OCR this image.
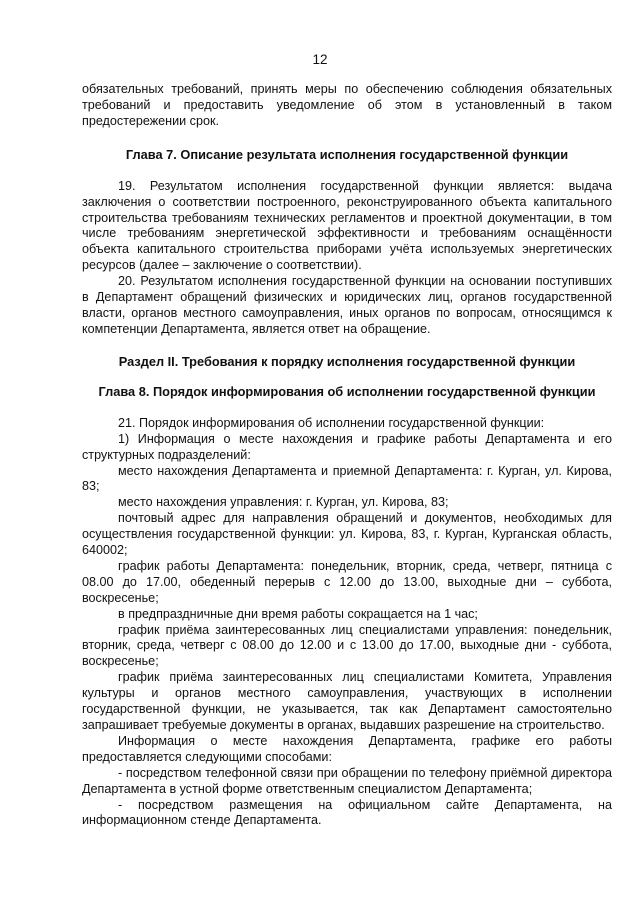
12

обязательных требований, принять меры по обеспечению соблюдения обязательных требований и предоставить уведомление об этом в установленный в таком предостережении срок.

Глава 7. Описание результата исполнения государственной функции

19. Результатом исполнения государственной функции является: выдача заключения о соответствии построенного, реконструированного объекта капитального строительства требованиям технических регламентов и проектной документации, в том числе требованиям энергетической эффективности и требованиям оснащённости объекта капитального строительства приборами учёта используемых энергетических ресурсов (далее – заключение о соответствии).

20. Результатом исполнения государственной функции на основании поступивших в Департамент обращений физических и юридических лиц, органов государственной власти, органов местного самоуправления, иных органов по вопросам, относящимся к компетенции Департамента, является ответ на обращение.

Раздел II. Требования к порядку исполнения государственной функции
Глава 8. Порядок информирования об исполнении государственной функции

21. Порядок информирования об исполнении государственной функции:

1) Информация о месте нахождения и графике работы Департамента и его структурных подразделений:

место нахождения Департамента и приемной Департамента: г. Курган, ул. Кирова, 83;

место нахождения управления: г. Курган, ул. Кирова, 83;

почтовый адрес для направления обращений и документов, необходимых для осуществления государственной функции: ул. Кирова, 83, г. Курган, Курганская область, 640002;

график работы Департамента: понедельник, вторник, среда, четверг, пятница с 08.00 до 17.00, обеденный перерыв с 12.00 до 13.00, выходные дни – суббота, воскресенье;

в предпраздничные дни время работы сокращается на 1 час;

график приёма заинтересованных лиц специалистами управления: понедельник, вторник, среда, четверг с 08.00 до 12.00 и с 13.00 до 17.00, выходные дни - суббота, воскресенье;

график приёма заинтересованных лиц специалистами Комитета, Управления культуры и органов местного самоуправления, участвующих в исполнении государственной функции, не указывается, так как Департамент самостоятельно запрашивает требуемые документы в органах, выдавших разрешение на строительство.

Информация о месте нахождения Департамента, графике его работы предоставляется следующими способами:

- посредством телефонной связи при обращении по телефону приёмной директора Департамента в устной форме ответственным специалистом Департамента;

- посредством размещения на официальном сайте Департамента, на информационном стенде Департамента.
